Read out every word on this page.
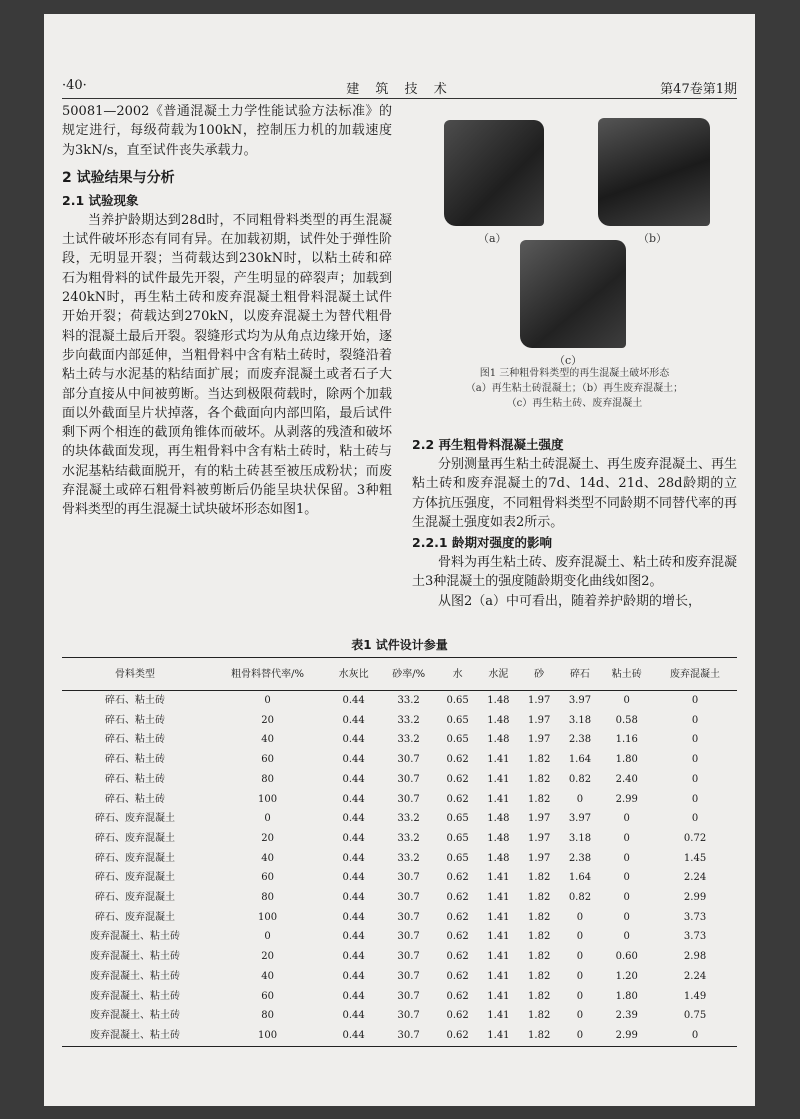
·40·	建 筑 技 术	第47卷第1期

50081—2002《普通混凝土力学性能试验方法标准》的规定进行，每级荷载为100kN，控制压力机的加载速度为3kN/s，直至试件丧失承载力。

2 试验结果与分析
2.1 试验现象

当养护龄期达到28d时，不同粗骨料类型的再生混凝土试件破坏形态有同有异。在加载初期，试件处于弹性阶段，无明显开裂；当荷载达到230kN时，以粘土砖和碎石为粗骨料的试件最先开裂，产生明显的碎裂声；加载到240kN时，再生粘土砖和废弃混凝土粗骨料混凝土试件开始开裂；荷载达到270kN，以废弃混凝土为替代粗骨料的混凝土最后开裂。裂缝形式均为从角点边缘开始，逐步向截面内部延伸，当粗骨料中含有粘土砖时，裂缝沿着粘土砖与水泥基的粘结面扩展；而废弃混凝土或者石子大部分直接从中间被剪断。当达到极限荷载时，除两个加载面以外截面呈片状掉落，各个截面向内部凹陷，最后试件剩下两个相连的截顶角锥体而破坏。从剥落的残渣和破坏的块体截面发现，再生粗骨料中含有粘土砖时，粘土砖与水泥基粘结截面脱开，有的粘土砖甚至被压成粉状；而废弃混凝土或碎石粗骨料被剪断后仍能呈块状保留。3种粗骨料类型的再生混凝土试块破坏形态如图1。

（a）	（b）
（c）
图1 三种粗骨料类型的再生混凝土破坏形态
（a）再生粘土砖混凝土；（b）再生废弃混凝土；
（c）再生粘土砖、废弃混凝土
2.2 再生粗骨料混凝土强度

分别测量再生粘土砖混凝土、再生废弃混凝土、再生粘土砖和废弃混凝土的7d、14d、21d、28d龄期的立方体抗压强度，不同粗骨料类型不同龄期不同替代率的再生混凝土强度如表2所示。

2.2.1 龄期对强度的影响

骨料为再生粘土砖、废弃混凝土、粘土砖和废弃混凝土3种混凝土的强度随龄期变化曲线如图2。

从图2（a）中可看出，随着养护龄期的增长，

表1 试件设计参量
骨料类型	粗骨料替代率/%	水灰比	砂率/%	水	水泥	砂	碎石	粘土砖	废弃混凝土
碎石、粘土砖	0	0.44	33.2	0.65	1.48	1.97	3.97	0	0
碎石、粘土砖	20	0.44	33.2	0.65	1.48	1.97	3.18	0.58	0
碎石、粘土砖	40	0.44	33.2	0.65	1.48	1.97	2.38	1.16	0
碎石、粘土砖	60	0.44	30.7	0.62	1.41	1.82	1.64	1.80	0
碎石、粘土砖	80	0.44	30.7	0.62	1.41	1.82	0.82	2.40	0
碎石、粘土砖	100	0.44	30.7	0.62	1.41	1.82	0	2.99	0
碎石、废弃混凝土	0	0.44	33.2	0.65	1.48	1.97	3.97	0	0
碎石、废弃混凝土	20	0.44	33.2	0.65	1.48	1.97	3.18	0	0.72
碎石、废弃混凝土	40	0.44	33.2	0.65	1.48	1.97	2.38	0	1.45
碎石、废弃混凝土	60	0.44	30.7	0.62	1.41	1.82	1.64	0	2.24
碎石、废弃混凝土	80	0.44	30.7	0.62	1.41	1.82	0.82	0	2.99
碎石、废弃混凝土	100	0.44	30.7	0.62	1.41	1.82	0	0	3.73
废弃混凝土、粘土砖	0	0.44	30.7	0.62	1.41	1.82	0	0	3.73
废弃混凝土、粘土砖	20	0.44	30.7	0.62	1.41	1.82	0	0.60	2.98
废弃混凝土、粘土砖	40	0.44	30.7	0.62	1.41	1.82	0	1.20	2.24
废弃混凝土、粘土砖	60	0.44	30.7	0.62	1.41	1.82	0	1.80	1.49
废弃混凝土、粘土砖	80	0.44	30.7	0.62	1.41	1.82	0	2.39	0.75
废弃混凝土、粘土砖	100	0.44	30.7	0.62	1.41	1.82	0	2.99	0
